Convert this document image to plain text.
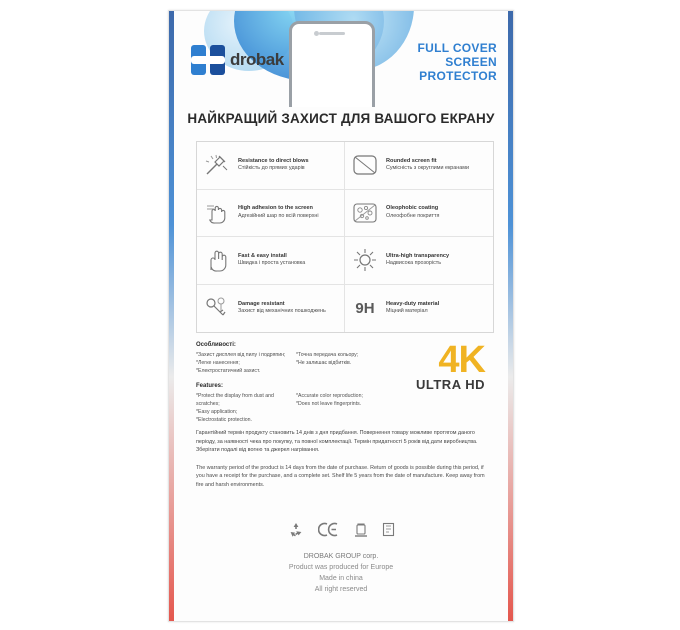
drobak
FULL COVER
SCREEN
PROTECTOR
НАЙКРАЩИЙ ЗАХИСТ ДЛЯ ВАШОГО ЕКРАНУ
Resistance to direct blows
Стійкість до прямих ударів
Rounded screen fit
Сумісність з округлими екранами
High adhesion to the screen
Адгезійний шар по всій поверхні
Oleophobic coating
Олеофобне покриття
Fast & easy install
Швидка і проста установка
Ultra-high transparency
Надвисока прозорість
Damage resistant
Захист від механічних пошкоджень	9H	Heavy-duty material
Міцний матеріал
Особливості:
*Захист дисплея від пилу і подряпин;
*Легке нанесення;
*Електростатичний захист.
*Точна передача кольору;
*Не залишає відбитків.
Features:
*Protect the display from dust and scratches;
*Easy application;
*Electrostatic protection.
*Accurate color reproduction;
*Does not leave fingerprints.
4K
ULTRA HD

Гарантійний термін продукту становить 14 днів з дня придбання. Повернення товару можливе протягом даного періоду, за наявності чека про покупку, та повної комплектації. Термін придатності 5 років від дати виробництва. Зберігати подалі від вогню та джерел нагрівання.

The warranty period of the product is 14 days from the date of purchase. Return of goods is possible during this period, if you have a receipt for the purchase, and a complete set. Shelf life 5 years from the date of manufacture. Keep away from fire and harsh environments.

DROBAK GROUP corp.
Product was produced for Europe
Made in china
All right reserved
